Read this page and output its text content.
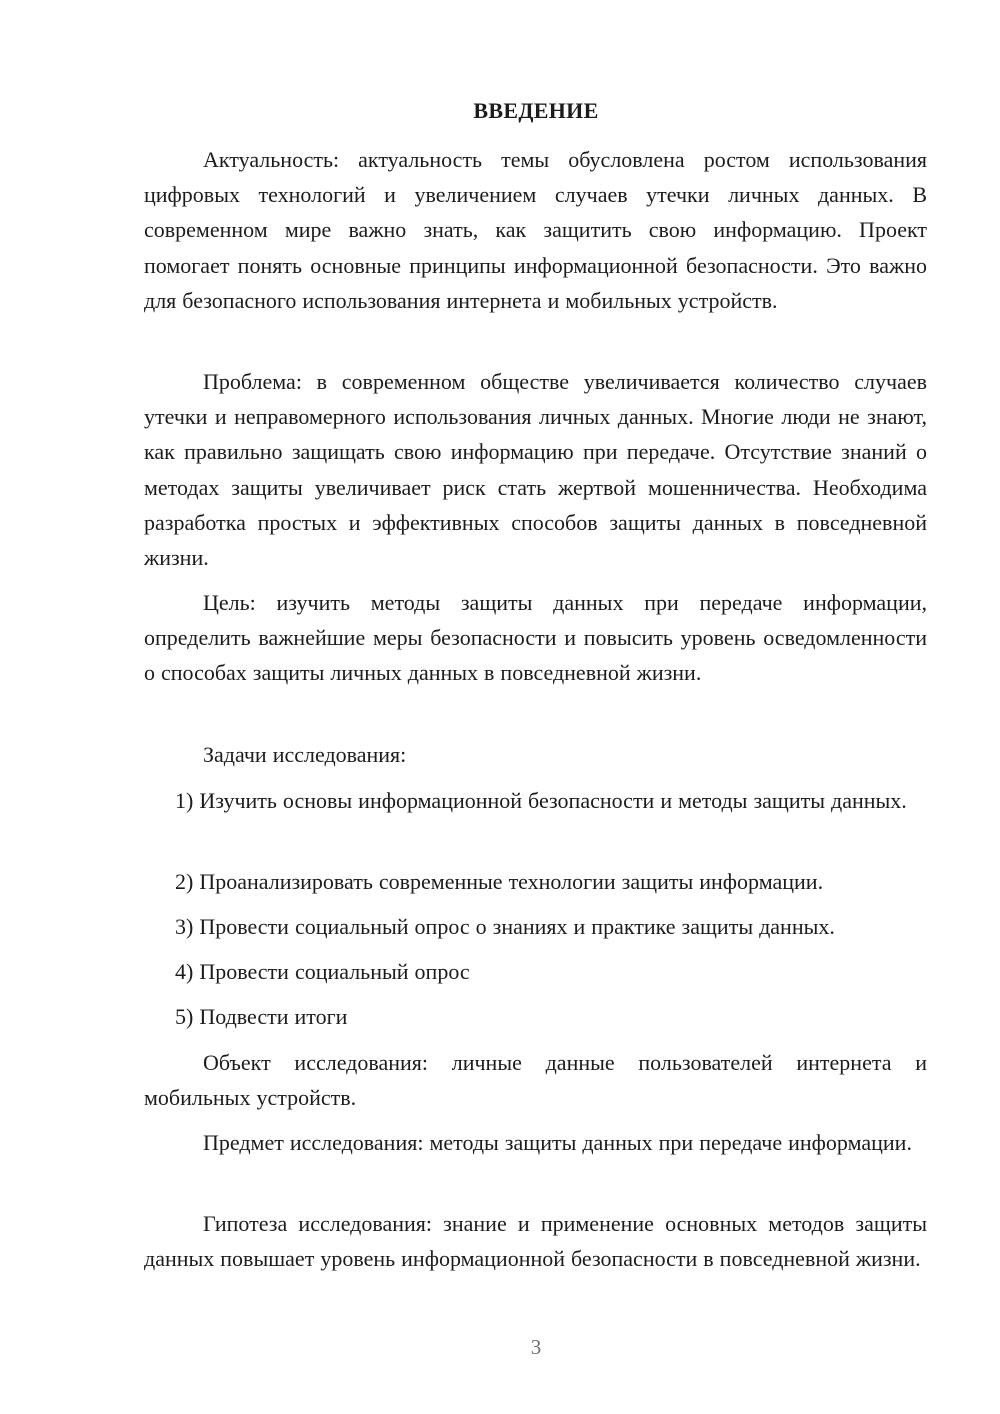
ВВЕДЕНИЕ

Актуальность: актуальность темы обусловлена ростом использования цифровых технологий и увеличением случаев утечки личных данных. В современном мире важно знать, как защитить свою информацию. Проект помогает понять основные принципы информационной безопасности. Это важно для безопасного использования интернета и мобильных устройств.

Проблема: в современном обществе увеличивается количество случаев утечки и неправомерного использования личных данных. Многие люди не знают, как правильно защищать свою информацию при передаче. Отсутствие знаний о методах защиты увеличивает риск стать жертвой мошенничества. Необходима разработка простых и эффективных способов защиты данных в повседневной жизни.

Цель: изучить методы защиты данных при передаче информации, определить важнейшие меры безопасности и повысить уровень осведомленности о способах защиты личных данных в повседневной жизни.

Задачи исследования:

1) Изучить основы информационной безопасности и методы защиты данных.

2) Проанализировать современные технологии защиты информации.

3) Провести социальный опрос о знаниях и практике защиты данных.

4) Провести социальный опрос

5) Подвести итоги

Объект исследования: личные данные пользователей интернета и мобильных устройств.

Предмет исследования: методы защиты данных при передаче информации.

Гипотеза исследования: знание и применение основных методов защиты данных повышает уровень информационной безопасности в повседневной жизни.

3
